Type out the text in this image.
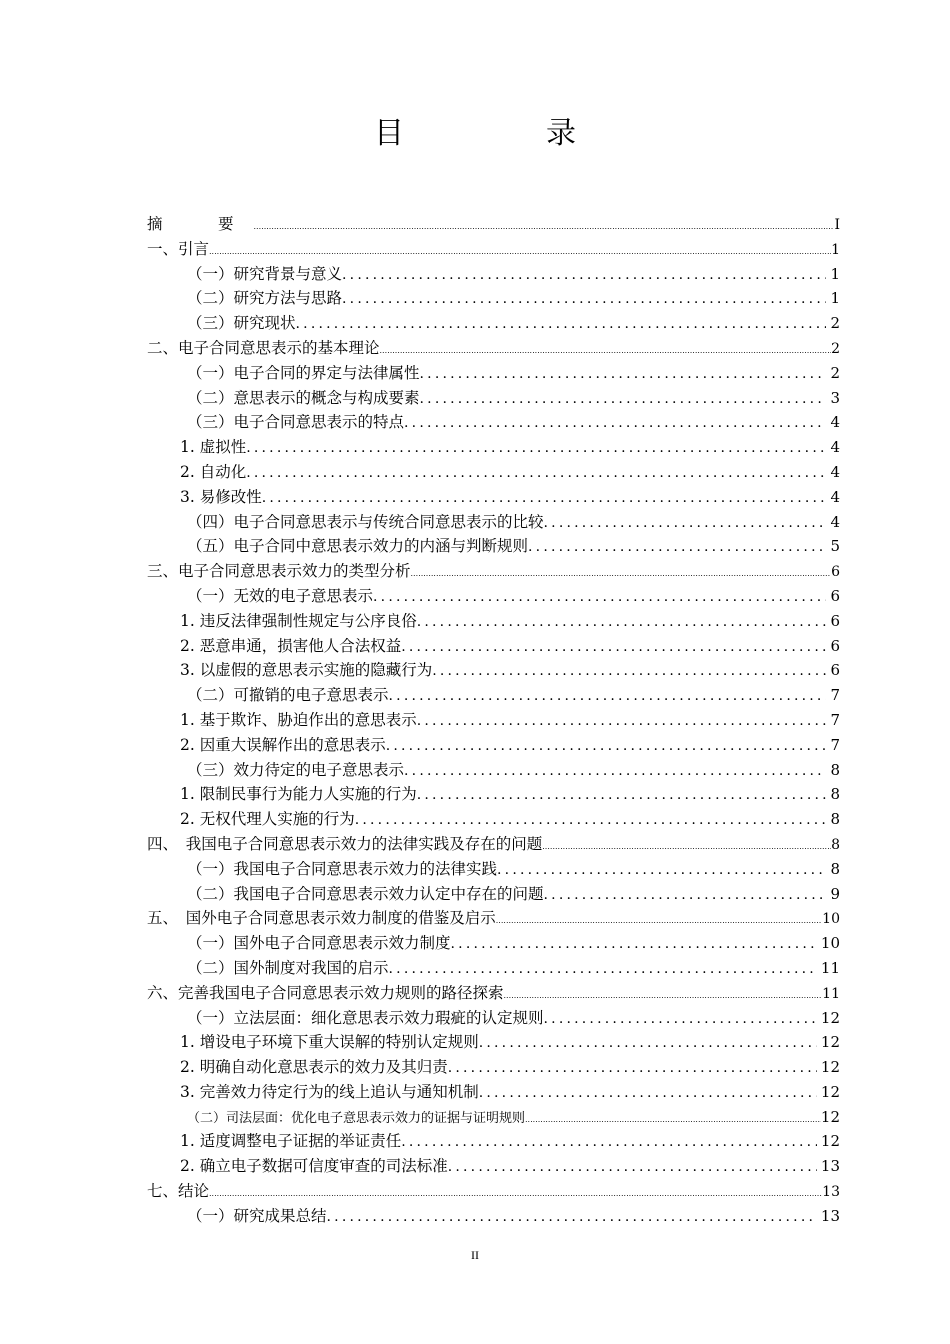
目　录
摘　要 .....	I
一、引言 .....	1
（一）研究背景与意义 .....	1
（二）研究方法与思路 .....	1
（三）研究现状 .....	2
二、电子合同意思表示的基本理论 .....	2
（一）电子合同的界定与法律属性 .....	2
（二）意思表示的概念与构成要素 .....	3
（三）电子合同意思表示的特点 .....	4
1. 虚拟性 .....	4
2. 自动化 .....	4
3. 易修改性 .....	4
（四）电子合同意思表示与传统合同意思表示的比较 .....	4
（五）电子合同中意思表示效力的内涵与判断规则 .....	5
三、电子合同意思表示效力的类型分析 .....	6
（一）无效的电子意思表示 .....	6
1. 违反法律强制性规定与公序良俗 .....	6
2. 恶意串通，损害他人合法权益 .....	6
3. 以虚假的意思表示实施的隐藏行为 .....	6
（二）可撤销的电子意思表示 .....	7
1. 基于欺诈、胁迫作出的意思表示 .....	7
2. 因重大误解作出的意思表示 .....	7
（三）效力待定的电子意思表示 .....	8
1. 限制民事行为能力人实施的行为 .....	8
2. 无权代理人实施的行为 .....	8
四、　我国电子合同意思表示效力的法律实践及存在的问题 .....	8
（一）我国电子合同意思表示效力的法律实践 .....	8
（二）我国电子合同意思表示效力认定中存在的问题 .....	9
五、　国外电子合同意思表示效力制度的借鉴及启示 .....	10
（一）国外电子合同意思表示效力制度 .....	10
（二）国外制度对我国的启示 .....	11
六、完善我国电子合同意思表示效力规则的路径探索 .....	11
（一）立法层面：细化意思表示效力瑕疵的认定规则 .....	12
1. 增设电子环境下重大误解的特别认定规则 .....	12
2. 明确自动化意思表示的效力及其归责 .....	12
3. 完善效力待定行为的线上追认与通知机制 .....	12
（二）司法层面：优化电子意思表示效力的证据与证明规则 .....	12
1. 适度调整电子证据的举证责任 .....	12
2. 确立电子数据可信度审查的司法标准 .....	13
七、结论 .....	13
（一）研究成果总结 .....	13
II
